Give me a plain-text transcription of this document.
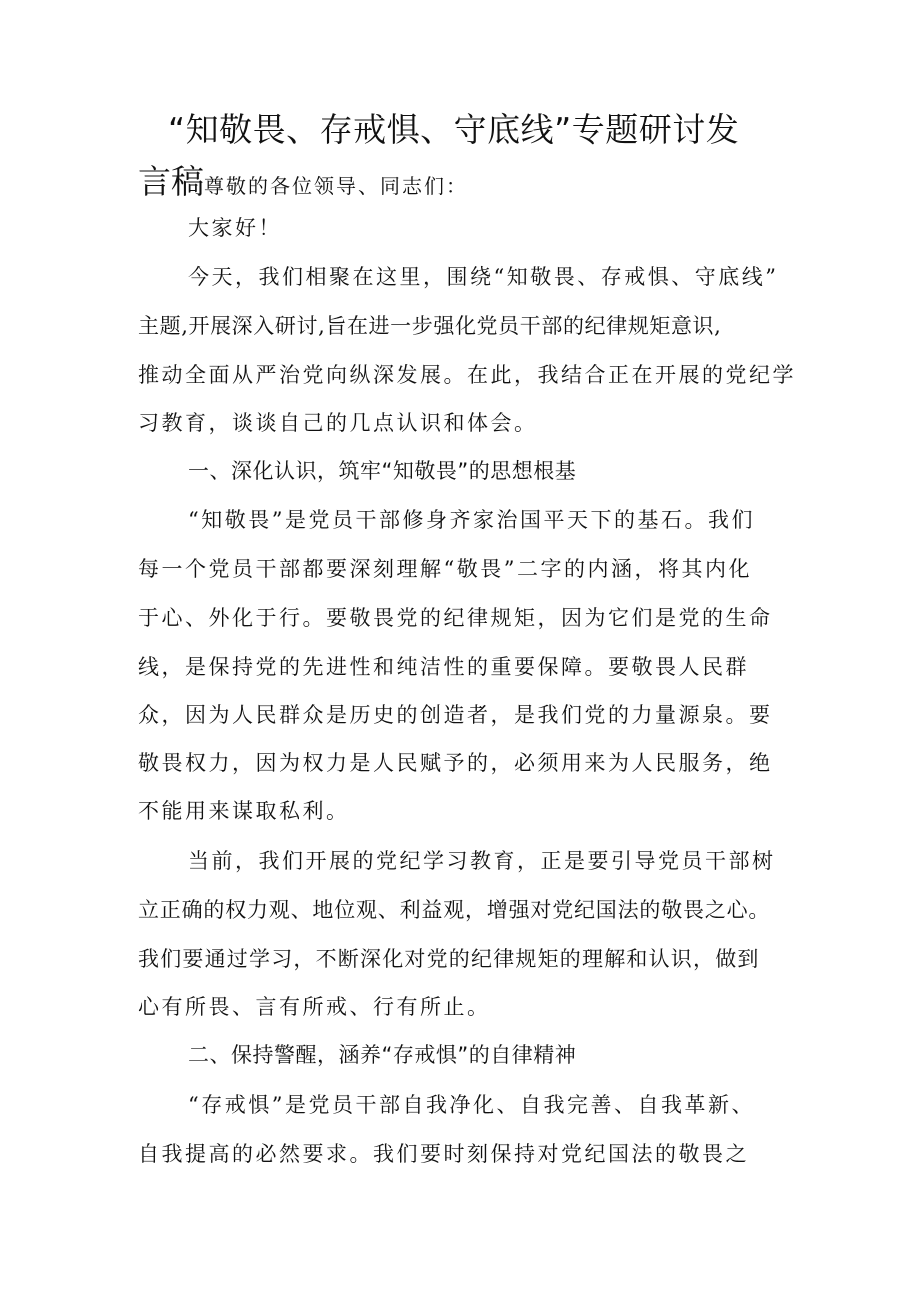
“知敬畏、存戒惧、守底线”专题研讨发
言稿尊敬的各位领导、同志们：
大家好！
今天，我们相聚在这里，围绕“知敬畏、存戒惧、守底线”
主题,开展深入研讨,旨在进一步强化党员干部的纪律规矩意识,
推动全面从严治党向纵深发展。在此，我结合正在开展的党纪学
习教育，谈谈自己的几点认识和体会。
一、深化认识，筑牢“知敬畏”的思想根基
“知敬畏”是党员干部修身齐家治国平天下的基石。我们
每一个党员干部都要深刻理解“敬畏”二字的内涵，将其内化
于心、外化于行。要敬畏党的纪律规矩，因为它们是党的生命
线，是保持党的先进性和纯洁性的重要保障。要敬畏人民群
众，因为人民群众是历史的创造者，是我们党的力量源泉。要
敬畏权力，因为权力是人民赋予的，必须用来为人民服务，绝
不能用来谋取私利。
当前，我们开展的党纪学习教育，正是要引导党员干部树
立正确的权力观、地位观、利益观，增强对党纪国法的敬畏之心。
我们要通过学习，不断深化对党的纪律规矩的理解和认识，做到
心有所畏、言有所戒、行有所止。
二、保持警醒，涵养“存戒惧”的自律精神
“存戒惧”是党员干部自我净化、自我完善、自我革新、
自我提高的必然要求。我们要时刻保持对党纪国法的敬畏之
